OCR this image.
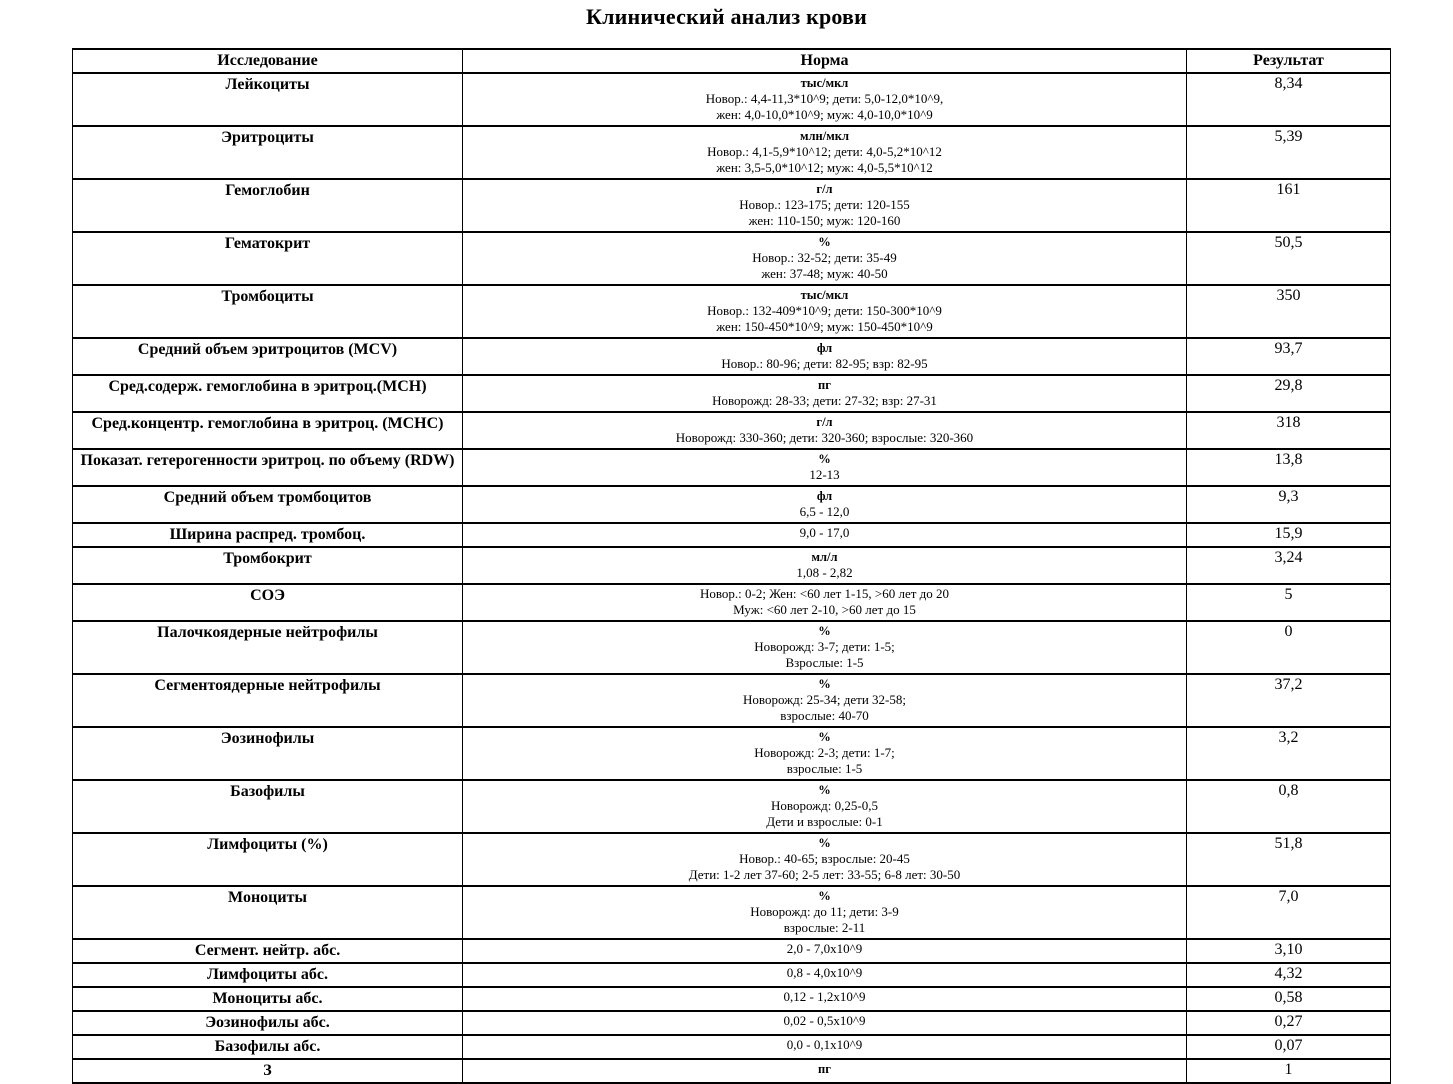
Клинический анализ крови
Исследование	Норма	Результат
Лейкоциты	тыс/мкл
Новор.: 4,4-11,3*10^9; дети: 5,0-12,0*10^9,
жен: 4,0-10,0*10^9; муж: 4,0-10,0*10^9	8,34
Эритроциты	млн/мкл
Новор.: 4,1-5,9*10^12; дети: 4,0-5,2*10^12
жен: 3,5-5,0*10^12; муж: 4,0-5,5*10^12	5,39
Гемоглобин	г/л
Новор.: 123-175; дети: 120-155
жен: 110-150; муж: 120-160	161
Гематокрит	%
Новор.: 32-52; дети: 35-49
жен: 37-48; муж: 40-50	50,5
Тромбоциты	тыс/мкл
Новор.: 132-409*10^9; дети: 150-300*10^9
жен: 150-450*10^9; муж: 150-450*10^9	350
Средний объем эритроцитов (MCV)	фл
Новор.: 80-96; дети: 82-95; взр: 82-95	93,7
Сред.содерж. гемоглобина в эритроц.(MCH)	пг
Новорожд: 28-33; дети: 27-32; взр: 27-31	29,8
Сред.концентр. гемоглобина в эритроц. (MCHC)	г/л
Новорожд: 330-360; дети: 320-360; взрослые: 320-360	318
Показат. гетерогенности эритроц. по объему (RDW)	%
12-13	13,8
Средний объем тромбоцитов	фл
6,5 - 12,0	9,3
Ширина распред. тромбоц.	9,0 - 17,0	15,9
Тромбокрит	мл/л
1,08 - 2,82	3,24
СОЭ	Новор.: 0-2; Жен: <60 лет 1-15, >60 лет до 20
Муж: <60 лет 2-10, >60 лет до 15	5
Палочкоядерные нейтрофилы	%
Новорожд: 3-7; дети: 1-5;
Взрослые: 1-5	0
Сегментоядерные нейтрофилы	%
Новорожд: 25-34; дети 32-58;
взрослые: 40-70	37,2
Эозинофилы	%
Новорожд: 2-3; дети: 1-7;
взрослые: 1-5	3,2
Базофилы	%
Новорожд: 0,25-0,5
Дети и взрослые: 0-1	0,8
Лимфоциты (%)	%
Новор.: 40-65; взрослые: 20-45
Дети: 1-2 лет 37-60; 2-5 лет: 33-55; 6-8 лет: 30-50	51,8
Моноциты	%
Новорожд: до 11; дети: 3-9
взрослые: 2-11	7,0
Сегмент. нейтр. абс.	2,0 - 7,0x10^9	3,10
Лимфоциты абс.	0,8 - 4,0x10^9	4,32
Моноциты абс.	0,12 - 1,2x10^9	0,58
Эозинофилы абс.	0,02 - 0,5x10^9	0,27
Базофилы абс.	0,0 - 0,1x10^9	0,07
З	пг	1
